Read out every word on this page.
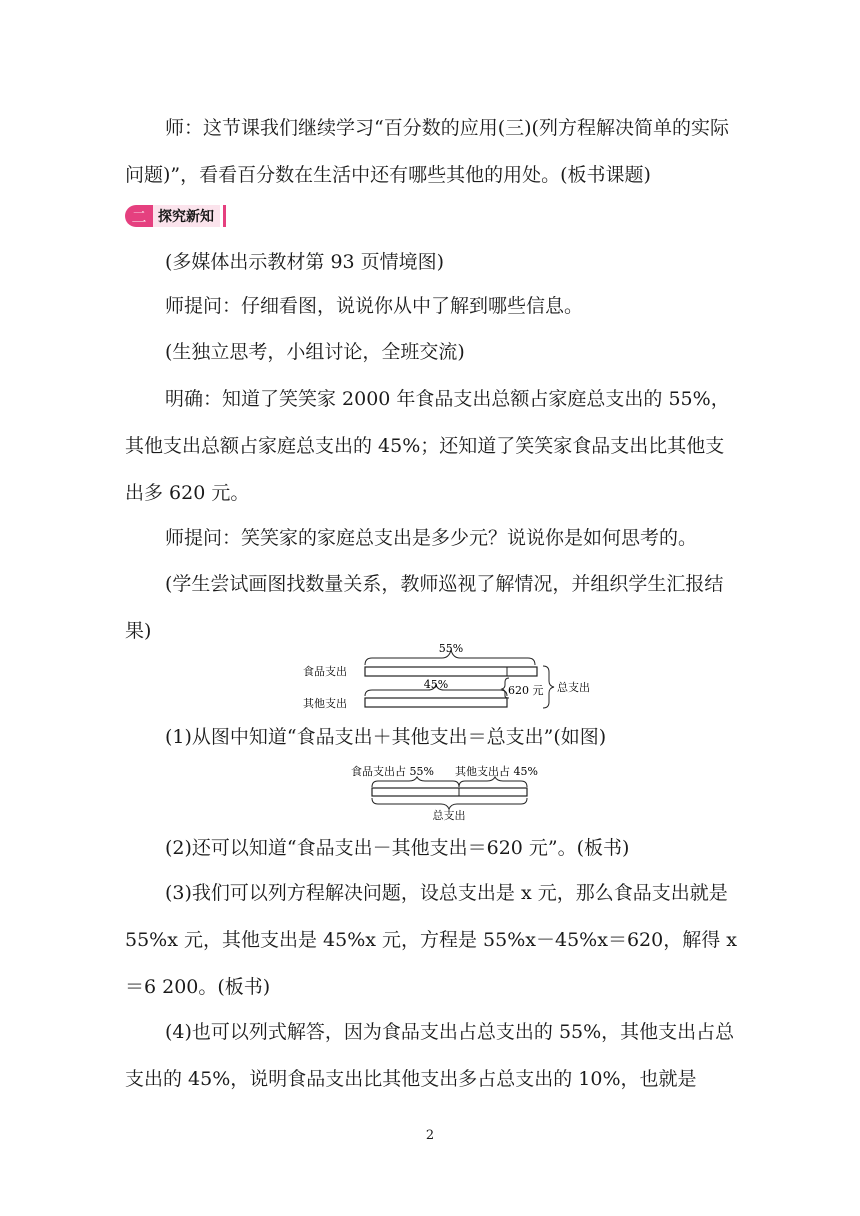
师：这节课我们继续学习“百分数的应用(三)(列方程解决简单的实际问题)”，看看百分数在生活中还有哪些其他的用处。(板书课题)

二 探究新知

(多媒体出示教材第 93 页情境图)

师提问：仔细看图，说说你从中了解到哪些信息。

(生独立思考，小组讨论，全班交流)

明确：知道了笑笑家 2000 年食品支出总额占家庭总支出的 55%，其他支出总额占家庭总支出的 45%；还知道了笑笑家食品支出比其他支出多 620 元。

师提问：笑笑家的家庭总支出是多少元？说说你是如何思考的。

(学生尝试画图找数量关系，教师巡视了解情况，并组织学生汇报结果)

食品支出
其他支出
55%
45%	620 元 总支出

(1)从图中知道“食品支出＋其他支出＝总支出”(如图)

食品支出占 55% 其他支出占 45%
总支出

(2)还可以知道“食品支出－其他支出＝620 元”。(板书)

(3)我们可以列方程解决问题，设总支出是 x 元，那么食品支出就是 55%x 元，其他支出是 45%x 元，方程是 55%x－45%x＝620，解得 x＝6 200。(板书)

(4)也可以列式解答，因为食品支出占总支出的 55%，其他支出占总支出的 45%，说明食品支出比其他支出多占总支出的 10%，也就是

2
